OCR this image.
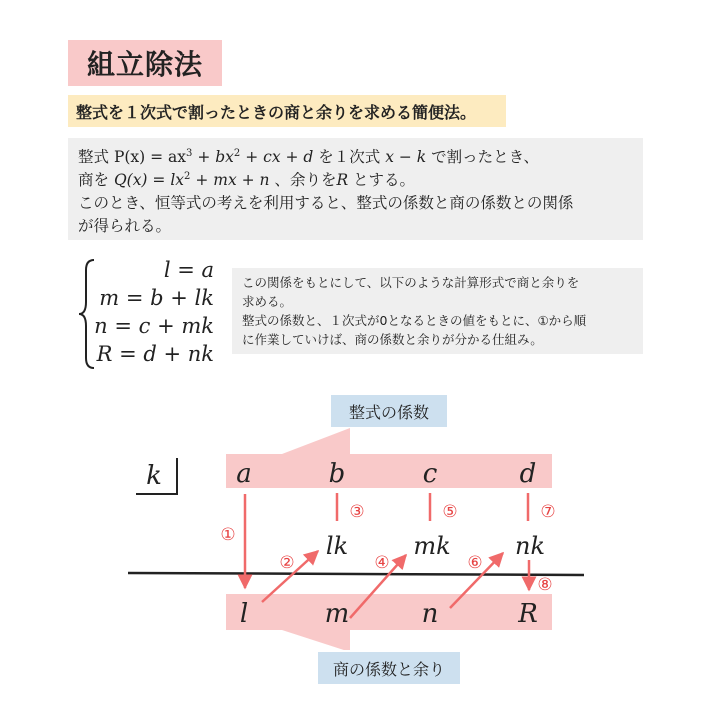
組立除法
整式を１次式で割ったときの商と余りを求める簡便法。
整式 $P(x) = ax^3 + bx^2$ + cx + d を１次式 x − k で割ったとき、
商を $Q(x) = lx^2$ + mx + n 、余りをR とする。
このとき、恒等式の考えを利用すると、整式の係数と商の係数との関係
が得られる。
l = a
m = b + lk
n = c + mk
R = d + nk
この関係をもとにして、以下のような計算形式で商と余りを
求める。
整式の係数と、１次式が0となるときの値をもとに、①から順
に作業していけば、商の係数と余りが分かる仕組み。
整式の係数
商の係数と余り
k	a	b	c	d
lk	mk	nk
①
②
③
④
⑤
⑥
⑦
⑧
l	m	n	R
